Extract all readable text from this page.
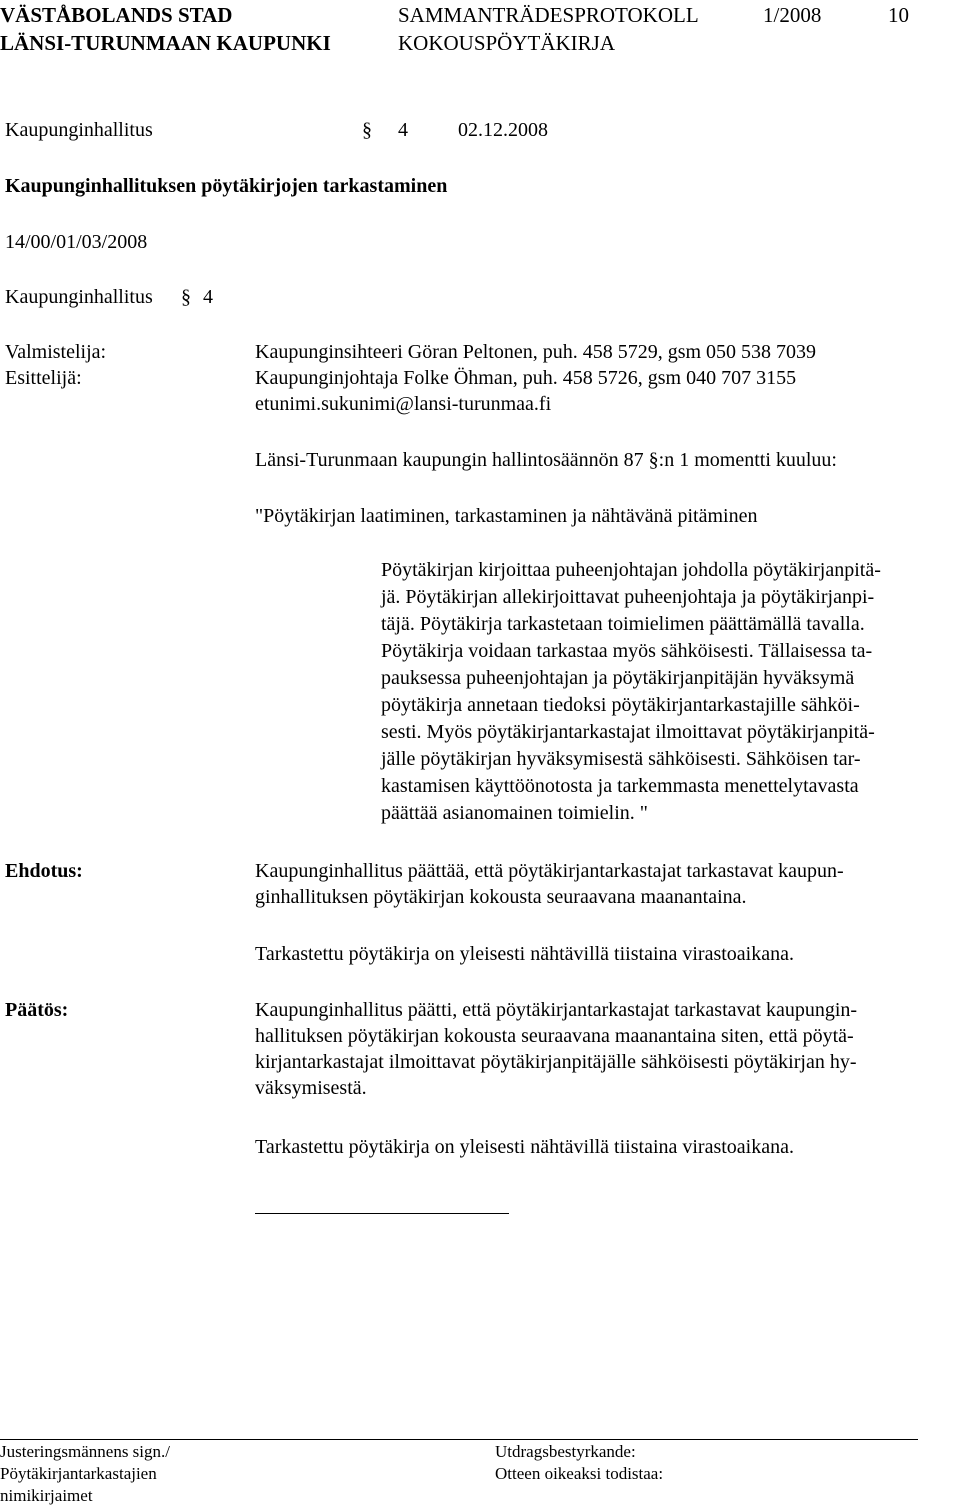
VÄSTÅBOLANDS STAD
LÄNSI-TURUNMAAN KAUPUNKI
SAMMANTRÄDESPROTOKOLL
KOKOUSPÖYTÄKIRJA
1/2008	10
Kaupunginhallitus	§ 4	02.12.2008
Kaupunginhallituksen pöytäkirjojen tarkastaminen
14/00/01/03/2008
Kaupunginhallitus § 4
Valmistelija:	Kaupunginsihteeri Göran Peltonen, puh. 458 5729, gsm 050 538 7039
Esittelijä:	Kaupunginjohtaja Folke Öhman, puh. 458 5726, gsm 040 707 3155
etunimi.sukunimi@lansi-turunmaa.fi
Länsi-Turunmaan kaupungin hallintosäännön 87 §:n 1 momentti kuuluu:
"Pöytäkirjan laatiminen, tarkastaminen ja nähtävänä pitäminen
Pöytäkirjan kirjoittaa puheenjohtajan johdolla pöytäkirjanpitä-
jä. Pöytäkirjan allekirjoittavat puheenjohtaja ja pöytäkirjanpi-
täjä. Pöytäkirja tarkastetaan toimielimen päättämällä tavalla.
Pöytäkirja voidaan tarkastaa myös sähköisesti. Tällaisessa ta-
pauksessa puheenjohtajan ja pöytäkirjanpitäjän hyväksymä
pöytäkirja annetaan tiedoksi pöytäkirjantarkastajille sähköi-
sesti. Myös pöytäkirjantarkastajat ilmoittavat pöytäkirjanpitä-
jälle pöytäkirjan hyväksymisestä sähköisesti. Sähköisen tar-
kastamisen käyttöönotosta ja tarkemmasta menettelytavasta
päättää asianomainen toimielin. "
Ehdotus:	Kaupunginhallitus päättää, että pöytäkirjantarkastajat tarkastavat kaupun-
ginhallituksen pöytäkirjan kokousta seuraavana maanantaina.
Tarkastettu pöytäkirja on yleisesti nähtävillä tiistaina virastoaikana.
Päätös:	Kaupunginhallitus päätti, että pöytäkirjantarkastajat tarkastavat kaupungin-
hallituksen pöytäkirjan kokousta seuraavana maanantaina siten, että pöytä-
kirjantarkastajat ilmoittavat pöytäkirjanpitäjälle sähköisesti pöytäkirjan hy-
väksymisestä.
Tarkastettu pöytäkirja on yleisesti nähtävillä tiistaina virastoaikana.
Justeringsmännens sign./
Pöytäkirjantarkastajien
nimikirjaimet
Utdragsbestyrkande:
Otteen oikeaksi todistaa:
